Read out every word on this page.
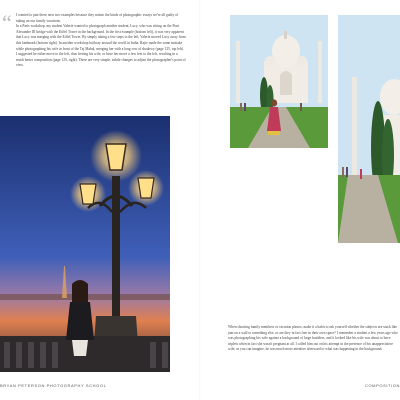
“ I wanted to pair these next two examples because they mimic the kinds of photographic essays we're all guilty of taking on our family vacations.

In a Paris workshop, my student Valerie wanted to photograph another student, Lucy, who was sitting on the Pont Alexandre III bridge with the Eiffel Tower in the background. In the first example (bottom left), it was very apparent that Lucy was merging with the Eiffel Tower. By simply taking a few steps to the left, Valerie moved Lucy away from this landmark (bottom right). In another workshop halfway around the world in India, Rajiv made the same mistake while photographing his wife in front of the Taj Mahal, merging her with a long row of shadowy (page 125, top left). I suggested he either move to the left, thus freeing his wife, or have her move a few feet to the left, resulting in a much better composition (page 125, right). These are very simple, subtle changes to adjust the photographer's point of view.

When shooting family members or vacation photos, make it a habit to ask yourself whether the subjects are stuck like jam on a wall to something else, or are they in fact free in their own space? I remember a student a few years ago who was photographing his wife against a background of large boulders, and it looked like his wife was about to have triplets when in fact she wasn't pregnant at all. I called him out on his attempt in the presence of his unappreciative wife, as you can imagine, he was much more attentive afterward to what was happening in the background.
BRYAN PETERSON PHOTOGRAPHY SCHOOL	COMPOSITION
